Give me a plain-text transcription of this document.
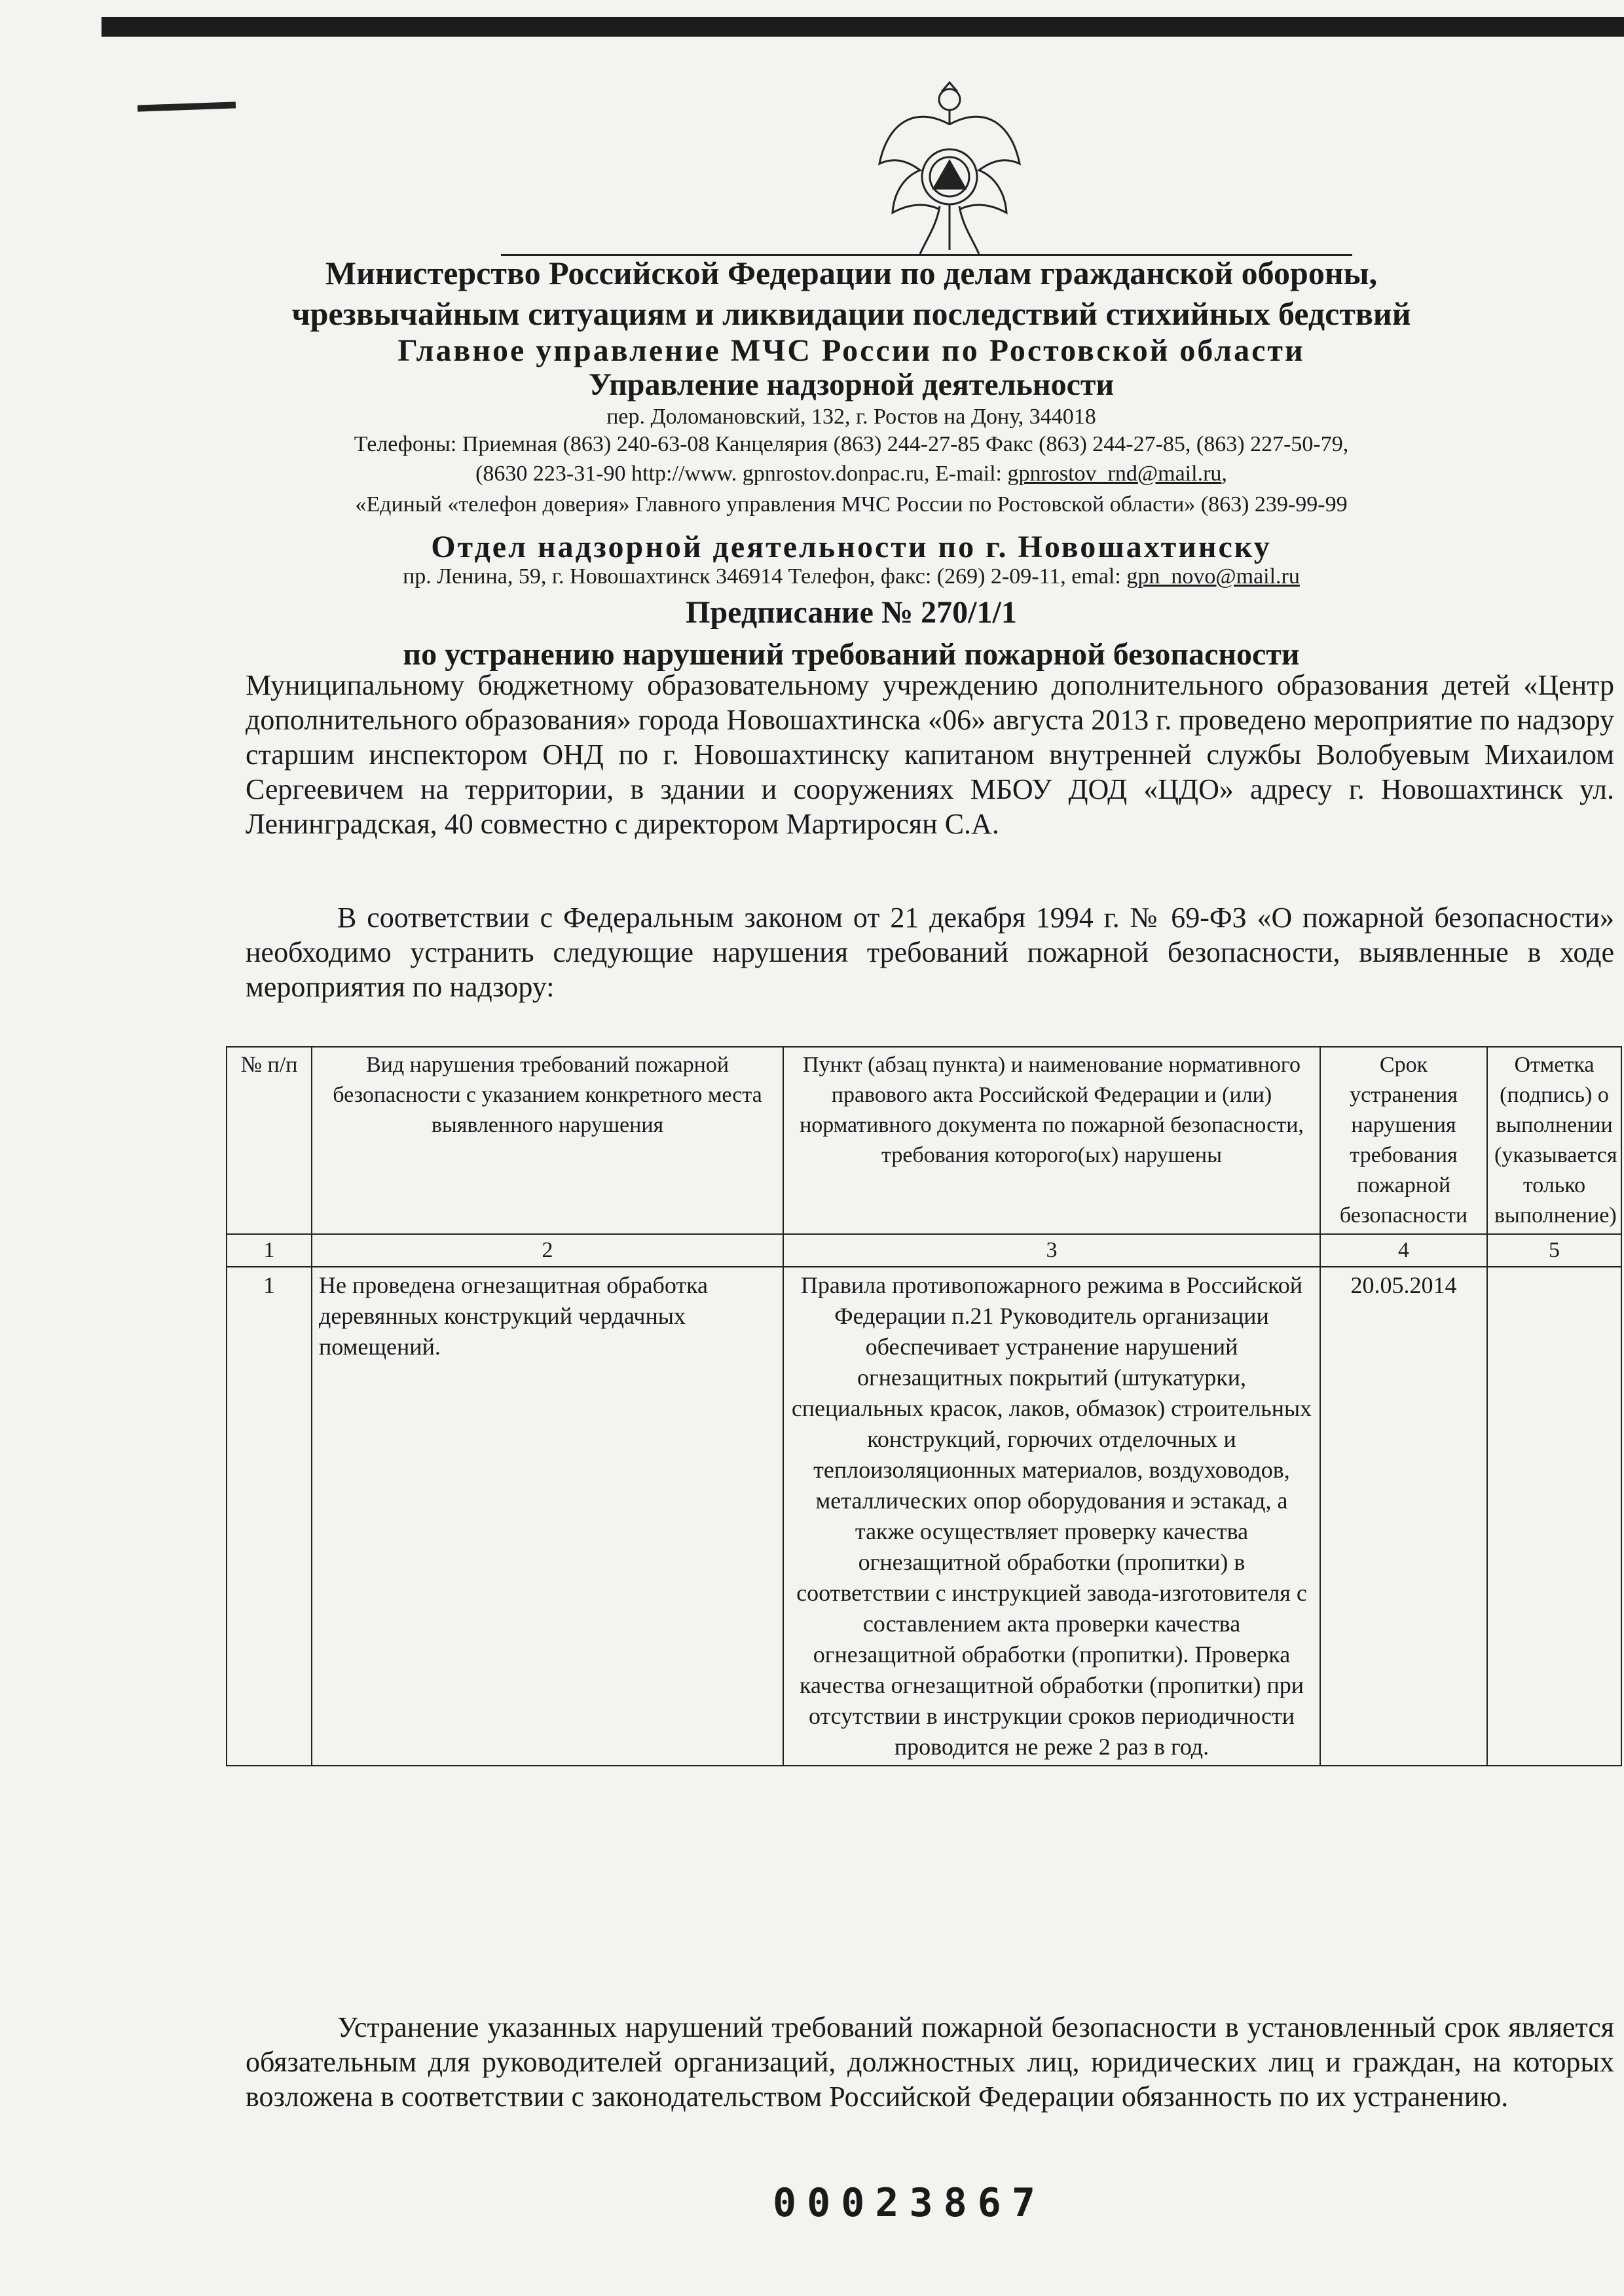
Министерство Российской Федерации по делам гражданской обороны,

чрезвычайным ситуациям и ликвидации последствий стихийных бедствий

Главное управление МЧС России по Ростовской области

Управление надзорной деятельности

пер. Доломановский, 132, г. Ростов на Дону, 344018

Телефоны: Приемная (863) 240-63-08 Канцелярия (863) 244-27-85 Факс (863) 244-27-85, (863) 227-50-79,

(8630 223-31-90 http://www. gpnrostov.donpac.ru, E-mail: gpnrostov_rnd@mail.ru,

«Единый «телефон доверия» Главного управления МЧС России по Ростовской области» (863) 239-99-99

Отдел надзорной деятельности по г. Новошахтинску

пр. Ленина, 59, г. Новошахтинск 346914 Телефон, факс: (269) 2-09-11, emal: gpn_novo@mail.ru

Предписание № 270/1/1

по устранению нарушений требований пожарной безопасности

Муниципальному бюджетному образовательному учреждению дополнительного образования детей «Центр дополнительного образования» города Новошахтинска «06» августа 2013 г. проведено мероприятие по надзору старшим инспектором ОНД по г. Новошахтинску капитаном внутренней службы Волобуевым Михаилом Сергеевичем на территории, в здании и сооружениях МБОУ ДОД «ЦДО» адресу г. Новошахтинск ул. Ленинградская, 40 совместно с директором Мартиросян С.А.

В соответствии с Федеральным законом от 21 декабря 1994 г. № 69-ФЗ «О пожарной безопасности» необходимо устранить следующие нарушения требований пожарной безопасности, выявленные в ходе мероприятия по надзору:

№ п/п	Вид нарушения требований пожарной безопасности с указанием конкретного места выявленного нарушения	Пункт (абзац пункта) и наименование нормативного правового акта Российской Федерации и (или) нормативного документа по пожарной безопасности, требования которого(ых) нарушены	Срок устранения нарушения требования пожарной безопасности	Отметка (подпись) о выполнении (указывается только выполнение)
1	2	3	4	5
1	Не проведена огнезащитная обработка деревянных конструкций чердачных помещений.	Правила противопожарного режима в Российской Федерации п.21 Руководитель организации обеспечивает устранение нарушений огнезащитных покрытий (штукатурки, специальных красок, лаков, обмазок) строительных конструкций, горючих отделочных и теплоизоляционных материалов, воздуховодов, металлических опор оборудования и эстакад, а также осуществляет проверку качества огнезащитной обработки (пропитки) в соответствии с инструкцией завода-изготовителя с составлением акта проверки качества огнезащитной обработки (пропитки). Проверка качества огнезащитной обработки (пропитки) при отсутствии в инструкции сроков периодичности проводится не реже 2 раз в год.	20.05.2014	

Устранение указанных нарушений требований пожарной безопасности в установленный срок является обязательным для руководителей организаций, должностных лиц, юридических лиц и граждан, на которых возложена в соответствии с законодательством Российской Федерации обязанность по их устранению.

00023867
